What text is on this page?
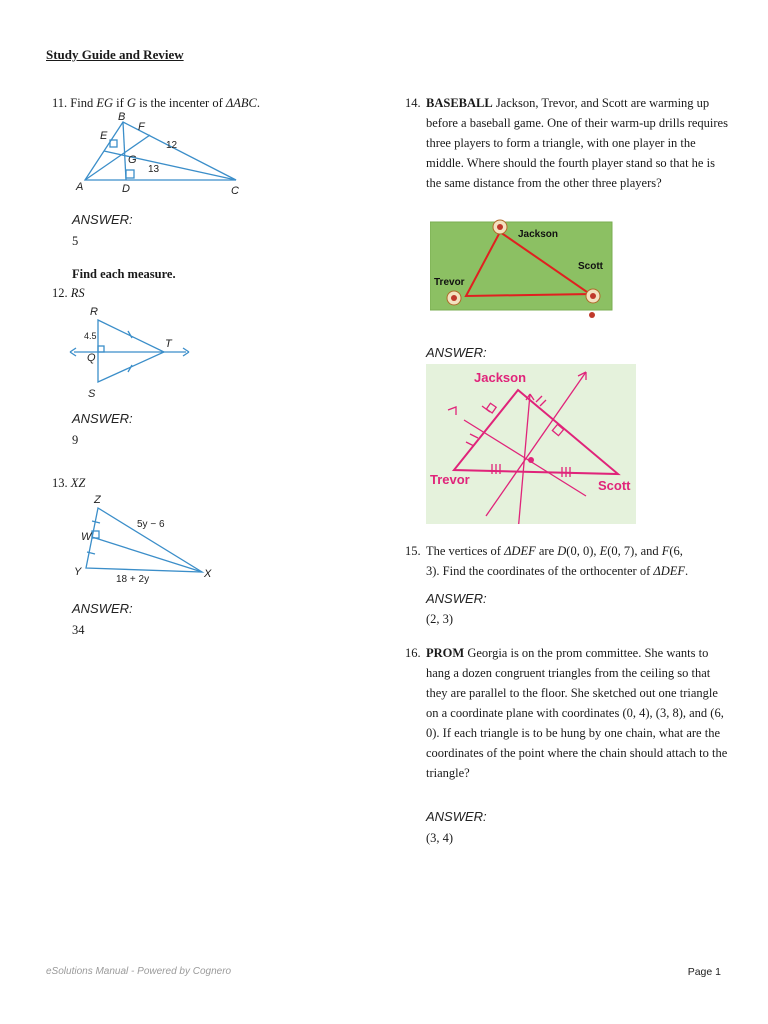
Study Guide and Review
11. Find EG if G is the incenter of ΔABC.
B
F
E
G
A	D	C
12
13
ANSWER:
5
Find each measure.
12. RS
R
4.5
Q
S
T
ANSWER:
9
13. XZ
Z
W
Y	X
5y − 6
18 + 2y
ANSWER:
34
14. BASEBALL Jackson, Trevor, and Scott are warming up before a baseball game. One of their warm-up drills requires three players to form a triangle, with one player in the middle. Where should the fourth player stand so that he is the same distance from the other three players?
Jackson
Scott
Trevor
ANSWER:
Jackson
Trevor	Scott
15. The vertices of ΔDEF are D(0, 0), E(0, 7), and F(6,
3). Find the coordinates of the orthocenter of ΔDEF.
ANSWER:
(2, 3)
16. PROM Georgia is on the prom committee. She wants to hang a dozen congruent triangles from the ceiling so that they are parallel to the floor. She sketched out one triangle on a coordinate plane with coordinates (0, 4), (3, 8), and (6, 0). If each triangle is to be hung by one chain, what are the coordinates of the point where the chain should attach to the triangle?
ANSWER:
(3, 4)
eSolutions Manual - Powered by Cognero	Page 1
